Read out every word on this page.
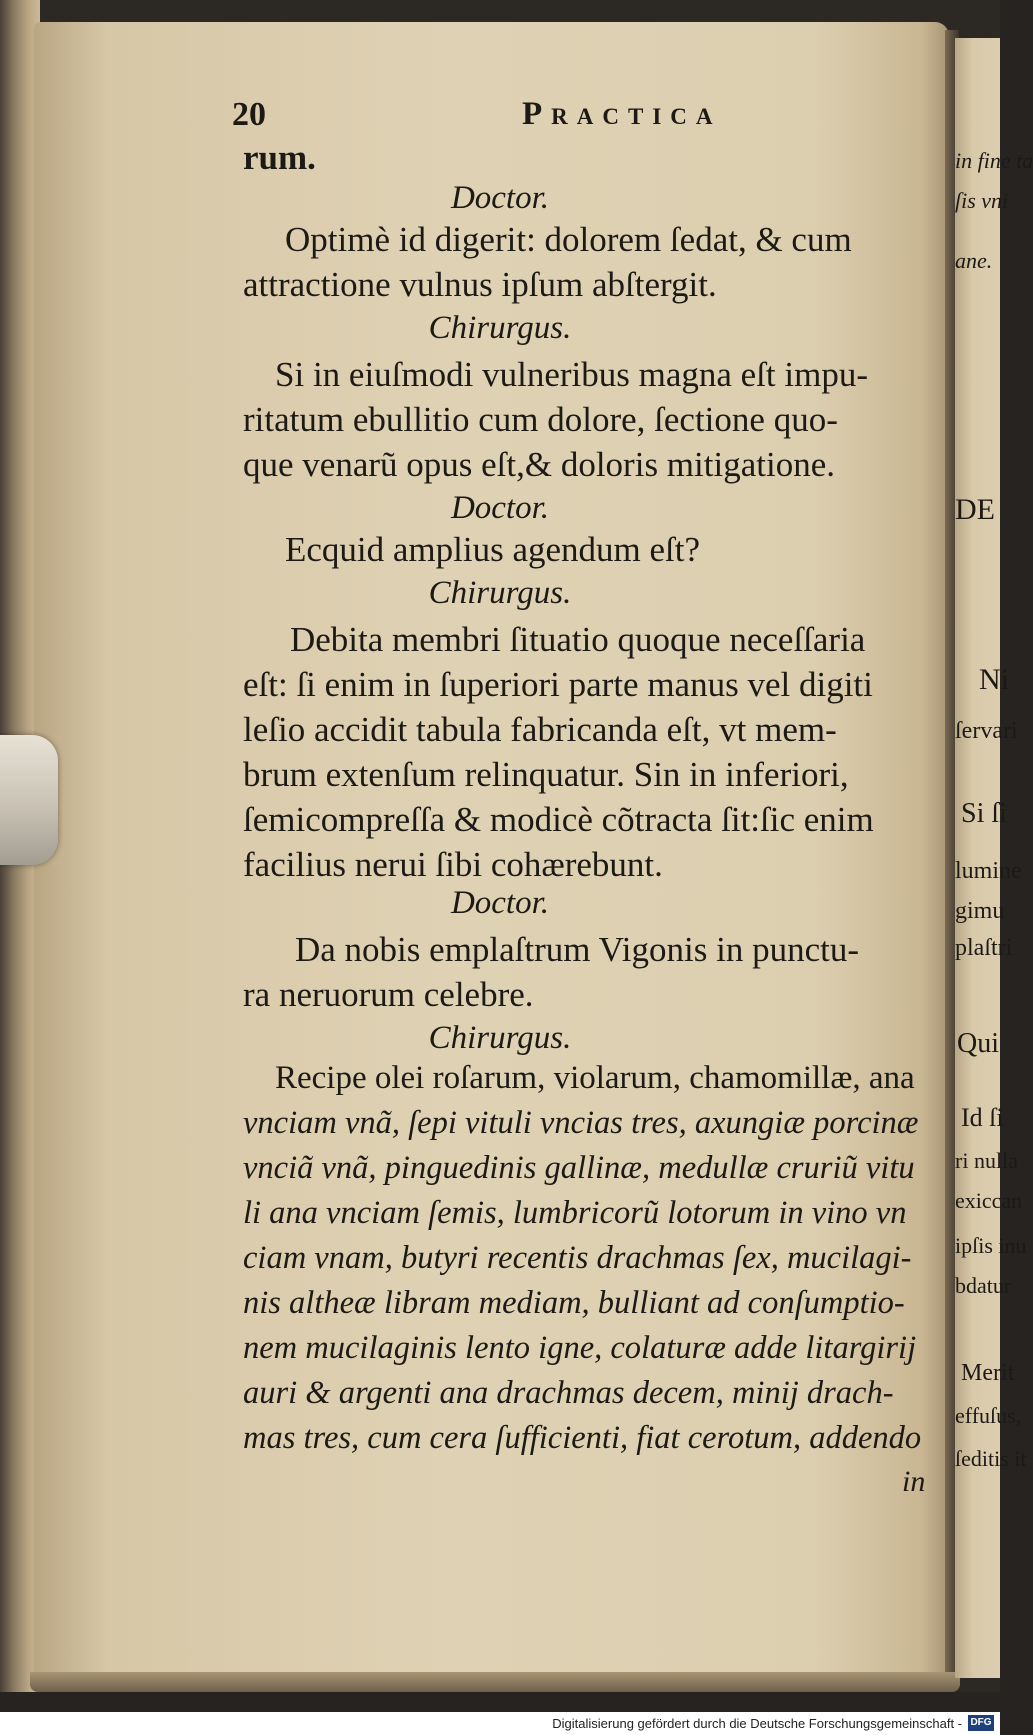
in fine ta
ſis vni
ane.
DE
Ni
ſervari
Si ſi
lumine
gimu
plaſtri
Qui
Id ſi
ri nulla
exiccan
ipſis inu
bdatur
Merit
effuſus,
ſeditis it
20	Practica
rum.
Doctor.
Optimè id digerit: dolorem ſedat, & cum
attractione vulnus ipſum abſtergit.
Chirurgus.
Si in eiuſmodi vulneribus magna eſt impu-
ritatum ebullitio cum dolore, ſectione quo-
que venarũ opus eſt,& doloris mitigatione.
Doctor.
Ecquid amplius agendum eſt?
Chirurgus.
Debita membri ſituatio quoque neceſſaria
eſt: ſi enim in ſuperiori parte manus vel digiti
leſio accidit tabula fabricanda eſt, vt mem-
brum extenſum relinquatur. Sin in inferiori,
ſemicompreſſa & modicè cõtracta ſit:ſic enim
facilius nerui ſibi cohærebunt.
Doctor.
Da nobis emplaſtrum Vigonis in punctu-
ra neruorum celebre.
Chirurgus.
Recipe olei roſarum, violarum, chamomillæ, ana
vnciam vnã, ſepi vituli vncias tres, axungiæ porcinæ
vnciã vnã, pinguedinis gallinæ, medullæ cruriũ vitu
li ana vnciam ſemis, lumbricorũ lotorum in vino vn
ciam vnam, butyri recentis drachmas ſex, mucilagi-
nis altheæ libram mediam, bulliant ad conſumptio-
nem mucilaginis lento igne, colaturæ adde litargirij
auri & argenti ana drachmas decem, minij drach-
mas tres, cum cera ſufficienti, fiat cerotum, addendo
in
Digitalisierung gefördert durch die Deutsche Forschungsgemeinschaft - DFG
